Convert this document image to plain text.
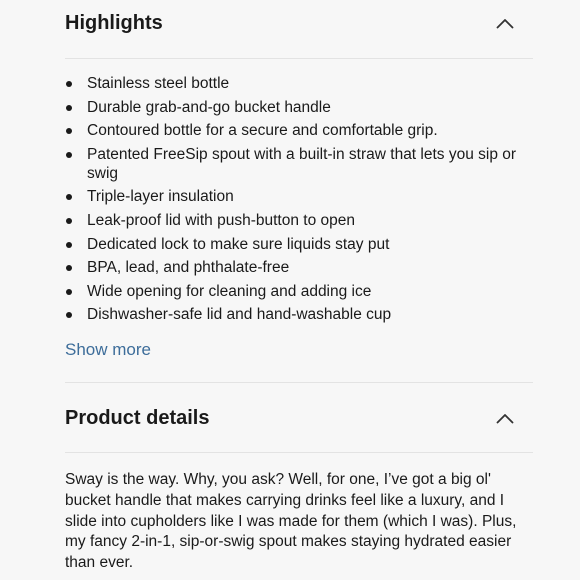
Highlights
Stainless steel bottle
Durable grab-and-go bucket handle
Contoured bottle for a secure and comfortable grip.
Patented FreeSip spout with a built-in straw that lets you sip or swig
Triple-layer insulation
Leak-proof lid with push-button to open
Dedicated lock to make sure liquids stay put
BPA, lead, and phthalate-free
Wide opening for cleaning and adding ice
Dishwasher-safe lid and hand-washable cup
Show more
Product details

Sway is the way. Why, you ask? Well, for one, I’ve got a big ol' bucket handle that makes carrying drinks feel like a luxury, and I slide into cupholders like I was made for them (which I was). Plus, my fancy 2-in-1, sip-or-swig spout makes staying hydrated easier than ever.
